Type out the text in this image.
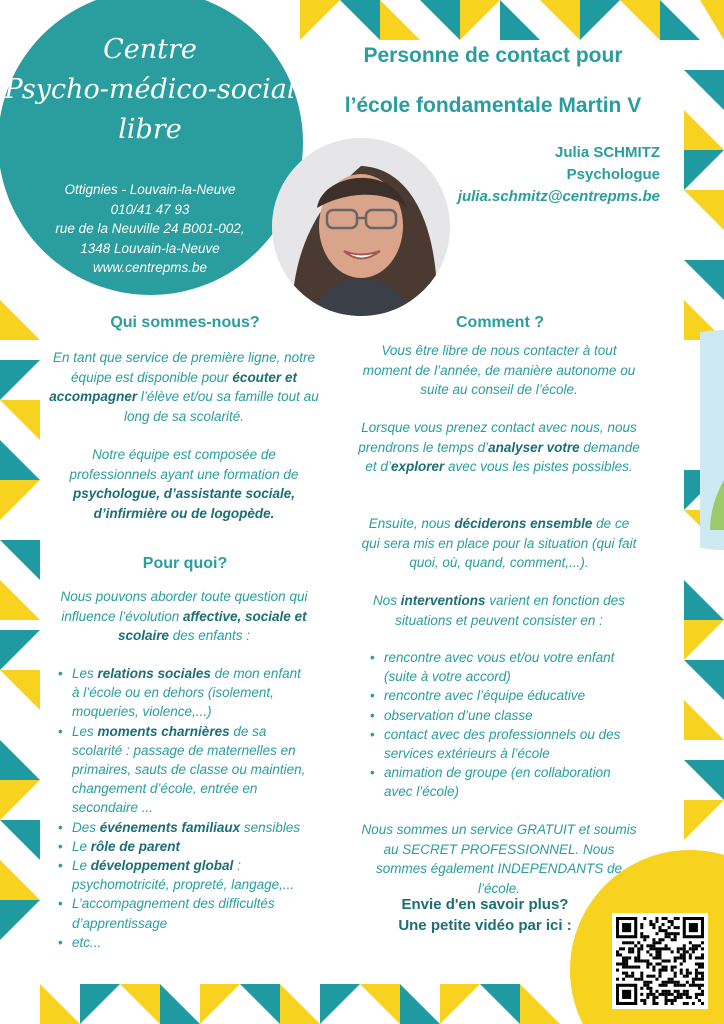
Centre
Psycho-médico-social
libre
Ottignies - Louvain-la-Neuve
010/41 47 93
rue de la Neuville 24 B001-002,
1348 Louvain-la-Neuve
www.centrepms.be
Personne de contact pour
l’école fondamentale Martin V
Julia SCHMITZ
Psychologue
julia.schmitz@centrepms.be
Qui sommes-nous?
En tant que service de première ligne, notre équipe est disponible pour écouter et accompagner l’élève et/ou sa famille tout au long de sa scolarité.
Notre équipe est composée de professionnels ayant une formation de psychologue, d’assistante sociale, d’infirmière ou de logopède.
Pour quoi?
Nous pouvons aborder toute question qui influence l’évolution affective, sociale et scolaire des enfants :
• Les relations sociales de mon enfant à l’école ou en dehors (isolement, moqueries, violence,...)
• Les moments charnières de sa scolarité : passage de maternelles en primaires, sauts de classe ou maintien, changement d’école, entrée en secondaire ...
• Des événements familiaux sensibles
• Le rôle de parent
• Le développement global : psychomotricité, propreté, langage,...
• L’accompagnement des difficultés d’apprentissage
• etc...
Comment ?
Vous être libre de nous contacter à tout moment de l’année, de manière autonome ou suite au conseil de l’école.
Lorsque vous prenez contact avec nous, nous prendrons le temps d’analyser votre demande et d’explorer avec vous les pistes possibles.
Ensuite, nous déciderons ensemble de ce qui sera mis en place pour la situation (qui fait quoi, où, quand, comment,...).
Nos interventions varient en fonction des situations et peuvent consister en :
• rencontre avec vous et/ou votre enfant (suite à votre accord)
• rencontre avec l’équipe éducative
• observation d’une classe
• contact avec des professionnels ou des services extérieurs à l’école
• animation de groupe (en collaboration avec l’école)
Nous sommes un service GRATUIT et soumis au SECRET PROFESSIONNEL. Nous sommes également INDEPENDANTS de l’école.
Envie d'en savoir plus?
Une petite vidéo par ici :
